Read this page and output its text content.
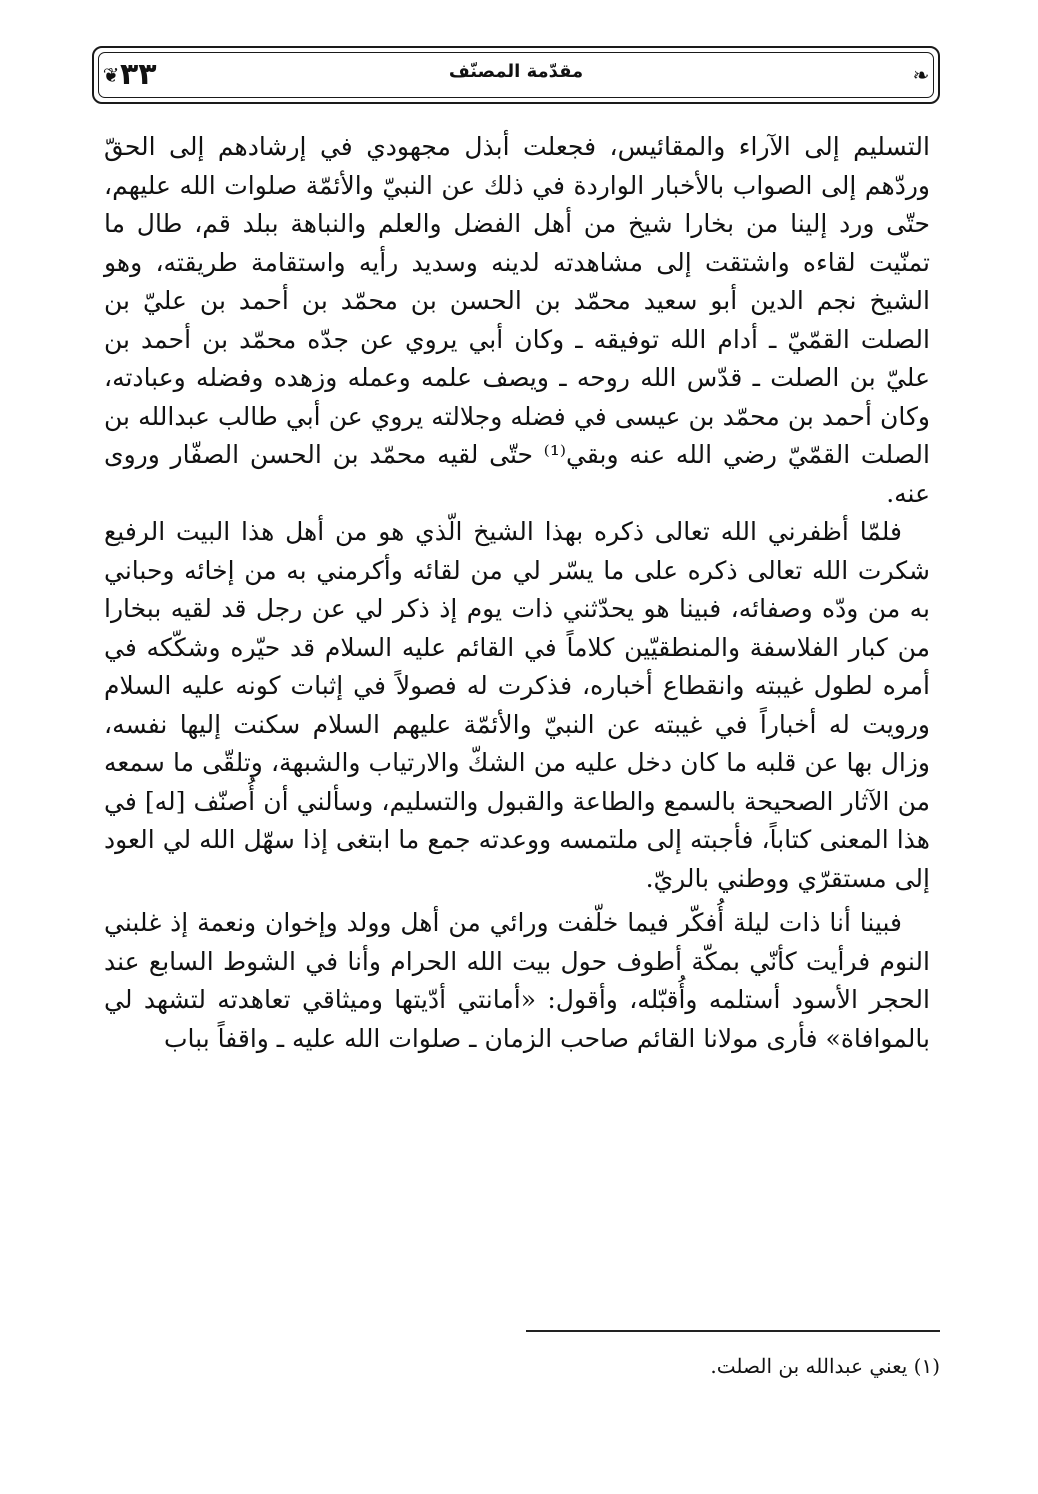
❦ ٣٣	مقدّمة المصنّف	❧

التسليم إلى الآراء والمقائيس، فجعلت أبذل مجهودي في إرشادهم إلى الحقّ وردّهم إلى الصواب بالأخبار الواردة في ذلك عن النبيّ والأئمّة صلوات الله عليهم، حتّى ورد إلينا من بخارا شيخ من أهل الفضل والعلم والنباهة ببلد قم، طال ما تمنّيت لقاءه واشتقت إلى مشاهدته لدينه وسديد رأيه واستقامة طريقته، وهو الشيخ نجم الدين أبو سعيد محمّد بن الحسن بن محمّد بن أحمد بن عليّ بن الصلت القمّيّ ـ أدام الله توفيقه ـ وكان أبي يروي عن جدّه محمّد بن أحمد بن عليّ بن الصلت ـ قدّس الله روحه ـ ويصف علمه وعمله وزهده وفضله وعبادته، وكان أحمد بن محمّد بن عيسى في فضله وجلالته يروي عن أبي طالب عبدالله بن الصلت القمّيّ رضي الله عنه وبقي⁽¹⁾ حتّى لقيه محمّد بن الحسن الصفّار وروى عنه.

فلمّا أظفرني الله تعالى ذكره بهذا الشيخ الّذي هو من أهل هذا البيت الرفيع شكرت الله تعالى ذكره على ما يسّر لي من لقائه وأكرمني به من إخائه وحباني به من ودّه وصفائه، فبينا هو يحدّثني ذات يوم إذ ذكر لي عن رجل قد لقيه ببخارا من كبار الفلاسفة والمنطقيّين كلاماً في القائم عليه السلام قد حيّره وشكّكه في أمره لطول غيبته وانقطاع أخباره، فذكرت له فصولاً في إثبات كونه عليه السلام ورويت له أخباراً في غيبته عن النبيّ والأئمّة عليهم السلام سكنت إليها نفسه، وزال بها عن قلبه ما كان دخل عليه من الشكّ والارتياب والشبهة، وتلقّى ما سمعه من الآثار الصحيحة بالسمع والطاعة والقبول والتسليم، وسألني أن أُصنّف [له] في هذا المعنى كتاباً، فأجبته إلى ملتمسه ووعدته جمع ما ابتغى إذا سهّل الله لي العود إلى مستقرّي ووطني بالريّ.

فبينا أنا ذات ليلة أُفكّر فيما خلّفت ورائي من أهل وولد وإخوان ونعمة إذ غلبني النوم فرأيت كأنّي بمكّة أطوف حول بيت الله الحرام وأنا في الشوط السابع عند الحجر الأسود أستلمه وأُقبّله، وأقول: «أمانتي أدّيتها وميثاقي تعاهدته لتشهد لي بالموافاة» فأرى مولانا القائم صاحب الزمان ـ صلوات الله عليه ـ واقفاً بباب

(١) يعني عبدالله بن الصلت.
